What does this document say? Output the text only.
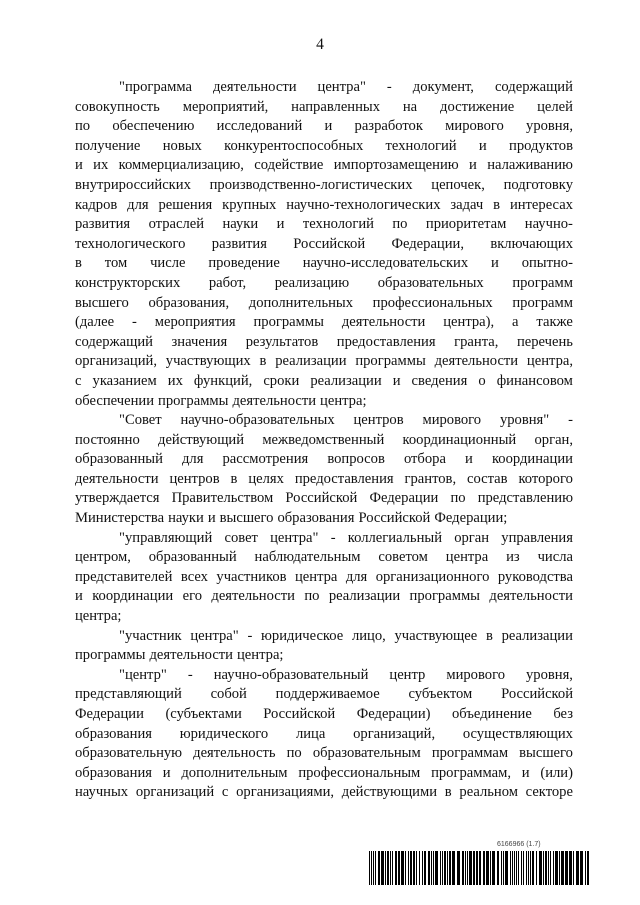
4
"программа деятельности центра" - документ, содержащий
совокупность мероприятий, направленных на достижение целей
по обеспечению исследований и разработок мирового уровня,
получение новых конкурентоспособных технологий и продуктов
и их коммерциализацию, содействие импортозамещению и налаживанию
внутрироссийских производственно-логистических цепочек, подготовку
кадров для решения крупных научно-технологических задач в интересах
развития отраслей науки и технологий по приоритетам научно-
технологического развития Российской Федерации, включающих
в том числе проведение научно-исследовательских и опытно-
конструкторских работ, реализацию образовательных программ
высшего образования, дополнительных профессиональных программ
(далее - мероприятия программы деятельности центра), а также
содержащий значения результатов предоставления гранта, перечень
организаций, участвующих в реализации программы деятельности центра,
с указанием их функций, сроки реализации и сведения о финансовом
обеспечении программы деятельности центра;
"Совет научно-образовательных центров мирового уровня" -
постоянно действующий межведомственный координационный орган,
образованный для рассмотрения вопросов отбора и координации
деятельности центров в целях предоставления грантов, состав которого
утверждается Правительством Российской Федерации по представлению
Министерства науки и высшего образования Российской Федерации;
"управляющий совет центра" - коллегиальный орган управления
центром, образованный наблюдательным советом центра из числа
представителей всех участников центра для организационного руководства
и координации его деятельности по реализации программы деятельности
центра;
"участник центра" - юридическое лицо, участвующее в реализации
программы деятельности центра;
"центр" - научно-образовательный центр мирового уровня,
представляющий собой поддерживаемое субъектом Российской
Федерации (субъектами Российской Федерации) объединение без
образования юридического лица организаций, осуществляющих
образовательную деятельность по образовательным программам высшего
образования и дополнительным профессиональным программам, и (или)
научных организаций с организациями, действующими в реальном секторе
6166966 (1.7)
